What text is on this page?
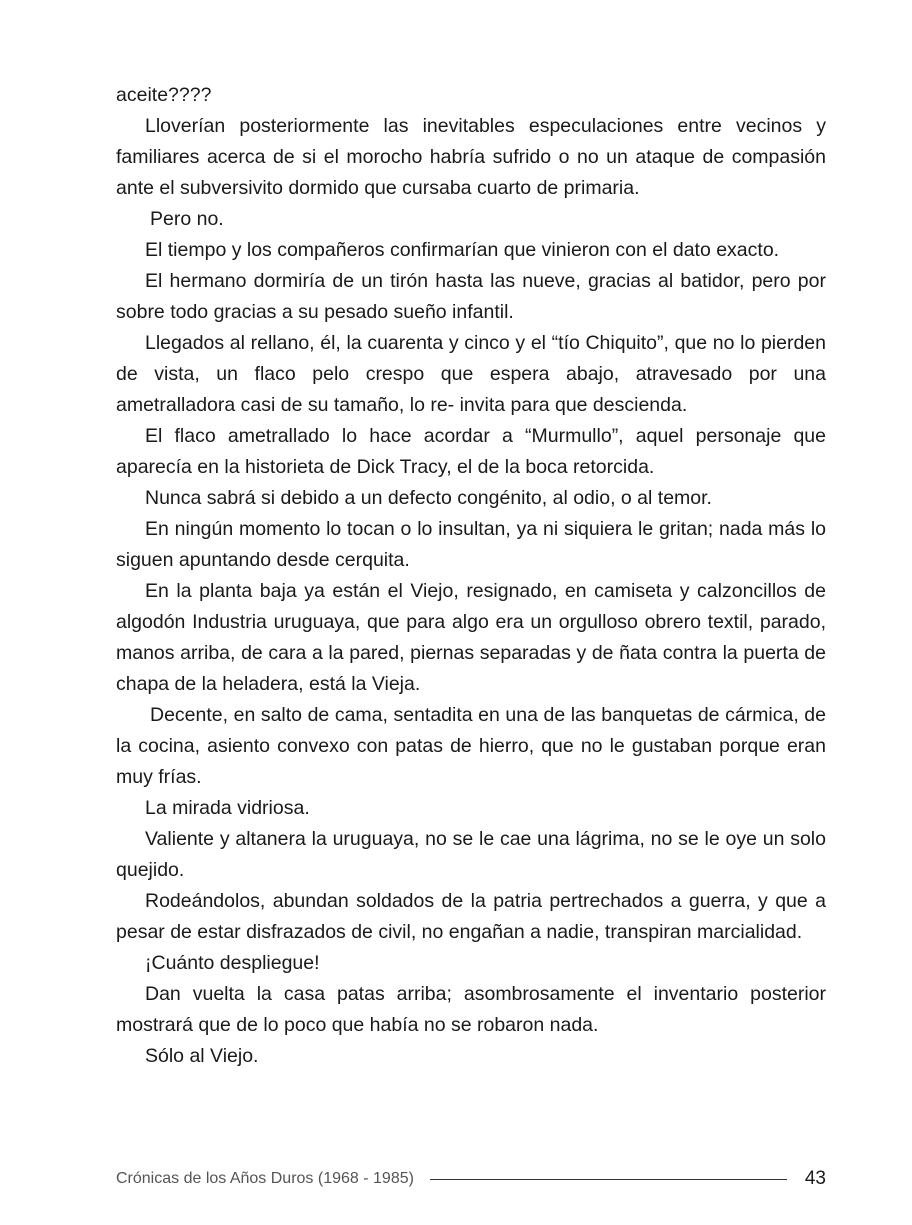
aceite????

Lloverían posteriormente las inevitables especulaciones entre vecinos y familiares acerca de si el morocho habría sufrido o no un ataque de compasión ante el subversivito dormido que cursaba cuarto de primaria.

Pero no.

El tiempo y los compañeros confirmarían que vinieron con el dato exacto.

El hermano dormiría de un tirón hasta las nueve, gracias al batidor, pero por sobre todo gracias a su pesado sueño infantil.

Llegados al rellano, él, la cuarenta y cinco y el “tío Chiquito”, que no lo pierden de vista, un flaco pelo crespo que espera abajo, atravesado por una ametralladora casi de su tamaño, lo re- invita para que descienda.

El flaco ametrallado lo hace acordar a “Murmullo”, aquel personaje que aparecía en la historieta de Dick Tracy, el de la boca retorcida.

Nunca sabrá si debido a un defecto congénito, al odio, o al temor.

En ningún momento lo tocan o lo insultan, ya ni siquiera le gritan; nada más lo siguen apuntando desde cerquita.

En la planta baja ya están el Viejo, resignado, en camiseta y calzoncillos de algodón Industria uruguaya, que para algo era un orgulloso obrero textil, parado, manos arriba, de cara a la pared, piernas separadas y de ñata contra la puerta de chapa de la heladera, está la Vieja.

Decente, en salto de cama, sentadita en una de las banquetas de cármica, de la cocina, asiento convexo con patas de hierro, que no le gustaban porque eran muy frías.

La mirada vidriosa.

Valiente y altanera la uruguaya, no se le cae una lágrima, no se le oye un solo quejido.

Rodeándolos, abundan soldados de la patria pertrechados a guerra, y que a pesar de estar disfrazados de civil, no engañan a nadie, transpiran marcialidad.

¡Cuánto despliegue!

Dan vuelta la casa patas arriba; asombrosamente el inventario posterior mostrará que de lo poco que había no se robaron nada.

Sólo al Viejo.

Crónicas de los Años Duros (1968 - 1985)	43
